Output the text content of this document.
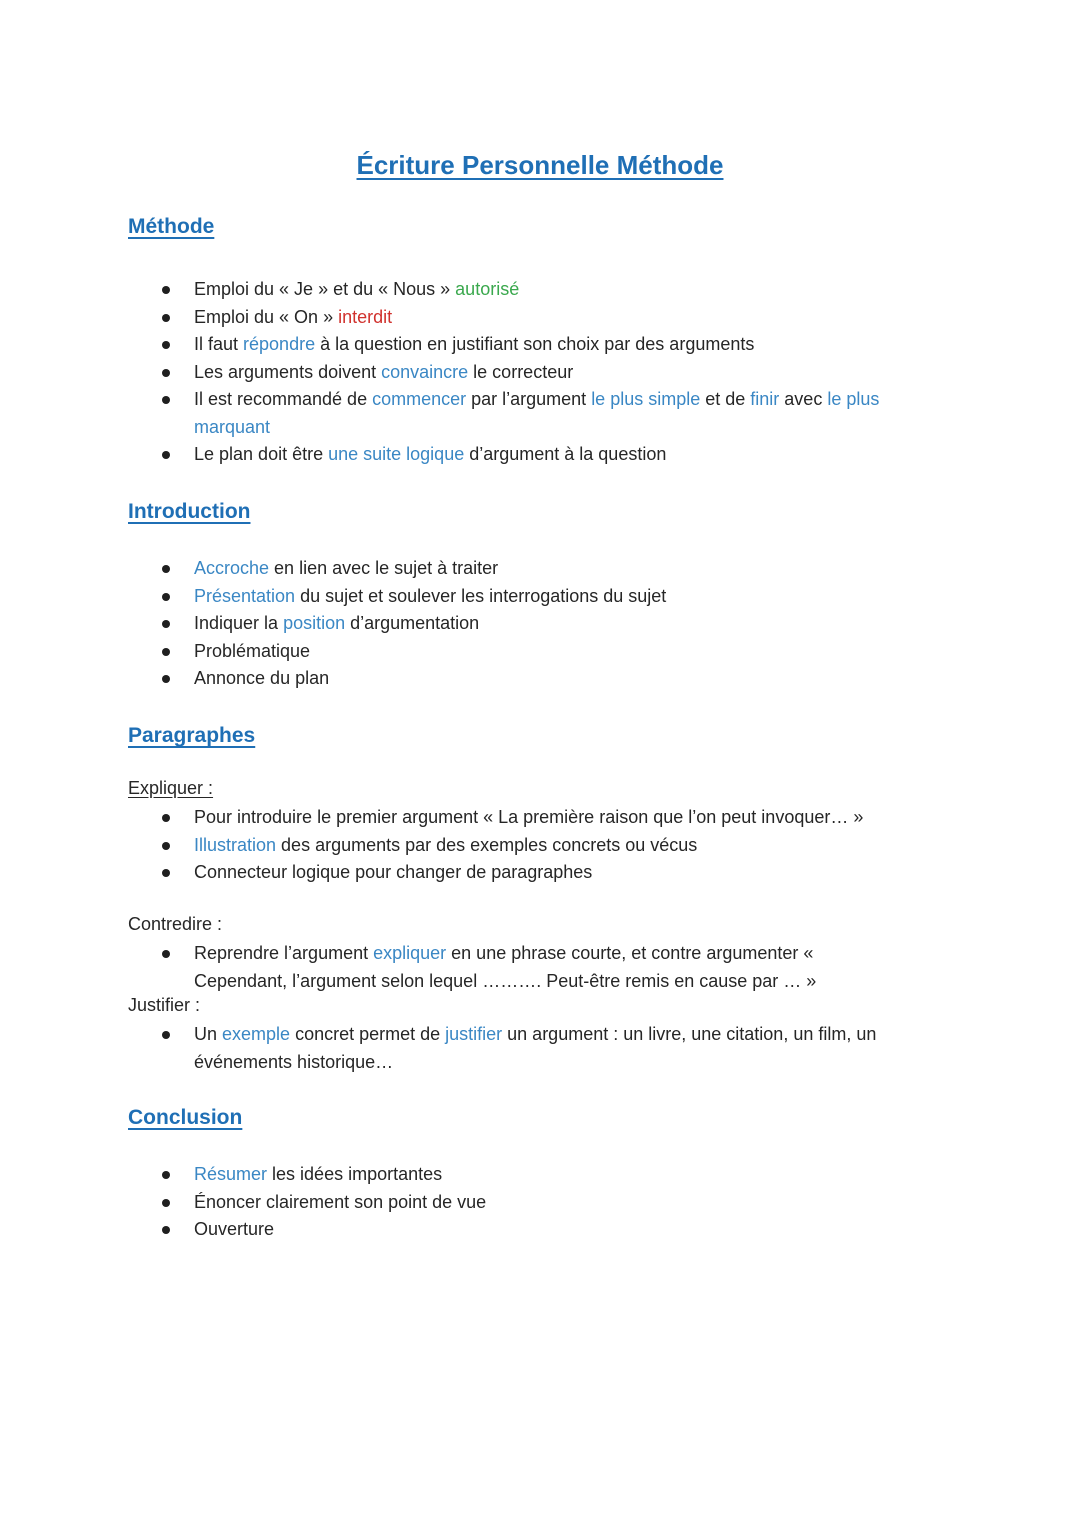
Écriture Personnelle Méthode
Méthode
Emploi du « Je » et du « Nous » autorisé
Emploi du « On » interdit
Il faut répondre à la question en justifiant son choix par des arguments
Les arguments doivent convaincre le correcteur
Il est recommandé de commencer par l’argument le plus simple et de finir avec le plus marquant
Le plan doit être une suite logique d’argument à la question
Introduction
Accroche en lien avec le sujet à traiter
Présentation du sujet et soulever les interrogations du sujet
Indiquer la position d’argumentation
Problématique
Annonce du plan
Paragraphes

Expliquer :

Pour introduire le premier argument « La première raison que l’on peut invoquer… »
Illustration des arguments par des exemples concrets ou vécus
Connecteur logique pour changer de paragraphes

Contredire :

Reprendre l’argument expliquer en une phrase courte, et contre argumenter « Cependant, l’argument selon lequel ………. Peut-être remis en cause par … »

Justifier :

Un exemple concret permet de justifier un argument : un livre, une citation, un film, un événements historique…
Conclusion
Résumer les idées importantes
Énoncer clairement son point de vue
Ouverture
